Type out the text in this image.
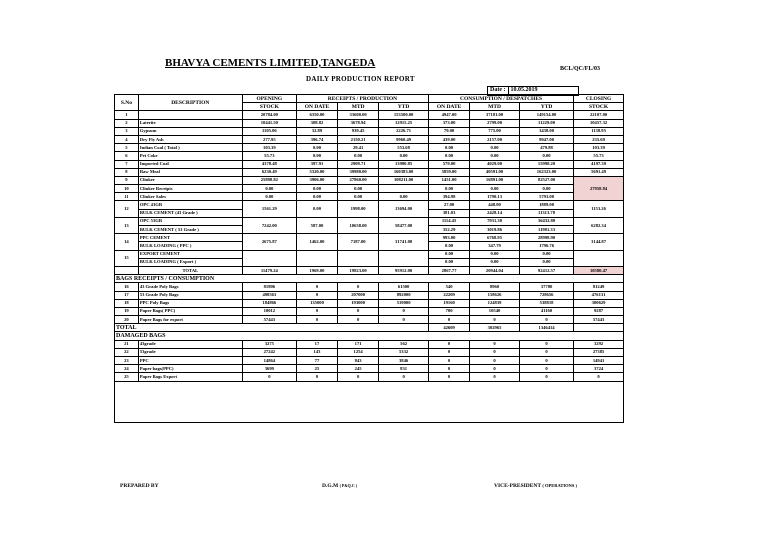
BHAVYA CEMENTS LIMITED,TANGEDA	BCL/QC/FL/03
DAILY PRODUCTION REPORT
Date : 10.05.2019
S.No	DESCRIPTION	OPENING	RECEIPTS / PRODUCTION			CONSUMPTION / DESPATCHES			CLOSING
		STOCK	ON DATE	MTD	YTD	ON DATE	MTD	YTD	STOCK
1		20784.00	6350.00	33600.00	153500.00	4947.00	37181.00	149154.00	22107.00
2	Laterite	10441.50	308.82	3678.94	12915.25	373.00	2799.00	11229.00	10457.32
3	Gypsum	1105.06	32.89	939.45	2226.71	79.00	775.00	3438.00	1138.95
4	Dry Fly Ash	277.95	396.74	2150.21	9960.49	439.00	2157.00	9947.00	235.69
5	Indian Coal ( Total )	103.39	0.00	29.41	553.68	0.00	0.00	479.88	103.39
6	Pet Coke	55.73	0.00	0.00	0.00	0.00	0.00	0.00	55.73
7	Imported Coal	4378.48	397.91	2908.71	13980.85	579.00	4029.00	15998.20	4197.39
8	Raw Meal	6230.49	5320.00	39980.00	160383.00	5859.00	40591.00	162323.00	5691.49
9	Clinker	25898.82	3906.00	27860.00	108211.00	1451.00	16891.00	82527.00	27958.84
10	Clinker Receipts	0.00	0.00	0.00		0.00	0.00	0.00	
11	Clinker Sales	0.00	0.00	0.00	0.00	394.98	1790.13	5793.00	
12	OPC 43GR	1561.29	0.00	1998.00	13694.00	27.00	448.00	1889.00	1153.26
	BULK CEMENT (43 Grade )					381.03	2428.14	11313.78	
13	OPC 53GR	7242.00	587.00	10638.00	58477.00	1114.45	7931.30	36432.80	6282.34
	BULK CEMENT ( 53 Grade )					352.29	3019.86	11981.33	
14	PPC CEMENT	2675.87	1462.00	7187.00	31741.00	993.00	6768.95	28998.90	3144.87
	BULK LOADING ( PPC )					0.00	347.79	1796.76	
15	EXPORT CEMENT					0.00	0.00	0.00	
	BULK LOADING ( Export )					0.00	0.00	0.00	
	TOTAL	11479.24	1969.00	19823.00	95912.00	2867.77	20944.04	92412.57	10580.47
BAGS RECEIPTS / CONSUMPTION									
16	43 Grade Poly Bags	81806	0	0	61500	540	8960	37780	81249
17	53 Grade Poly Bags	498563	0	207000	892000	22209	158626	728656	476131
18	PPC Poly Bags	184866	135000	193000	519000	19160	124839	538818	300629
19	Paper Bags( PPC)	10012	0	0	0	700	10540	41160	9287
20	Paper Bags for export	57443	0	0	0	0	0	0	57443
TOTAL						42609	302965	1346414	
DAMAGED BAGS									
21	43grade	3275	17	171	562	0	0	0	3292
22	53grade	27242	143	1254	5332	0	0	0	27385
23	PPC	14864	77	843	3846	0	0	0	14941
24	Paper bags(PPC)	3699	25	245	831	0	0	0	3724
25	Paper Bags Export	0	0	0	0	0	0	0	0

PREPARED BY	D.G.M ( P&Q.C )	VICE-PRESIDENT ( OPERATIONS )
